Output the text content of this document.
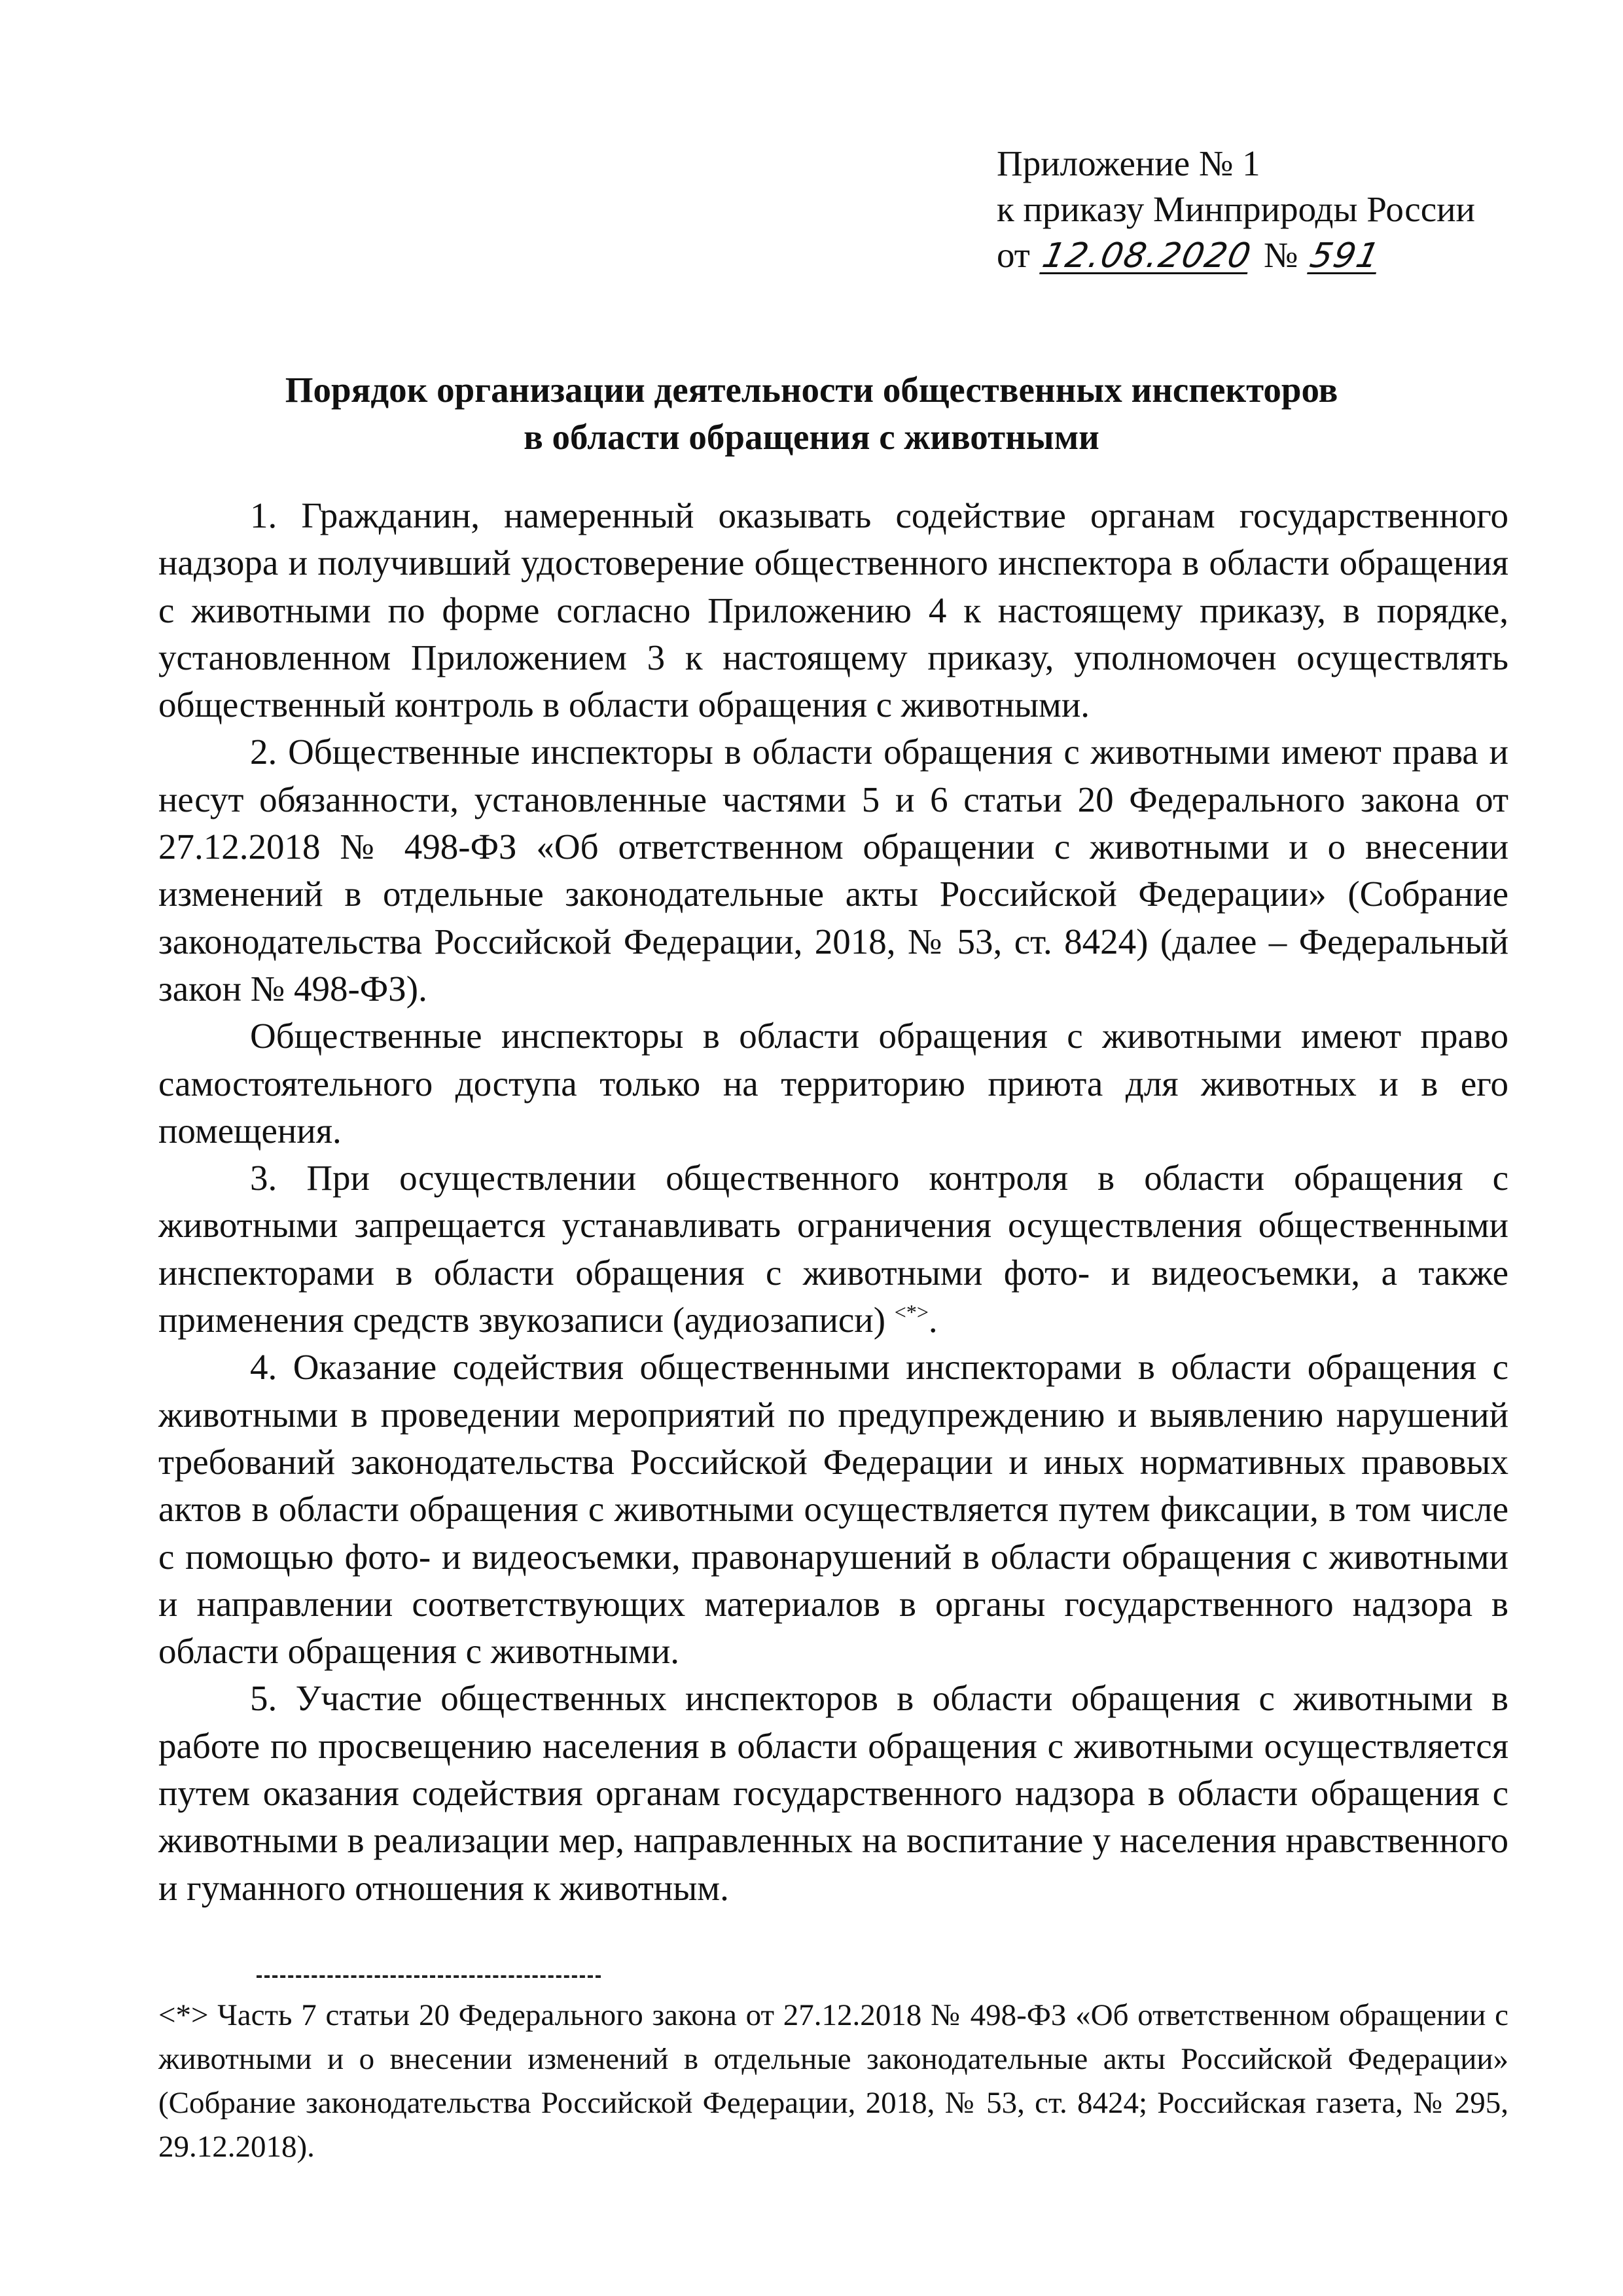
Приложение № 1
к приказу Минприроды России
от 12.08.2020 № 591
Порядок организации деятельности общественных инспекторов
в области обращения с животными

1. Гражданин, намеренный оказывать содействие органам государственного надзора и получивший удостоверение общественного инспектора в области обращения с животными по форме согласно Приложению 4 к настоящему приказу, в порядке, установленном Приложением 3 к настоящему приказу, уполномочен осуществлять общественный контроль в области обращения с животными.

2. Общественные инспекторы в области обращения с животными имеют права и несут обязанности, установленные частями 5 и 6 статьи 20 Федерального закона от 27.12.2018 № 498-ФЗ «Об ответственном обращении с животными и о внесении изменений в отдельные законодательные акты Российской Федерации» (Собрание законодательства Российской Федерации, 2018, № 53, ст. 8424) (далее – Федеральный закон № 498-ФЗ).

Общественные инспекторы в области обращения с животными имеют право самостоятельного доступа только на территорию приюта для животных и в его помещения.

3. При осуществлении общественного контроля в области обращения с животными запрещается устанавливать ограничения осуществления общественными инспекторами в области обращения с животными фото- и видеосъемки, а также применения средств звукозаписи (аудиозаписи) <*>.

4. Оказание содействия общественными инспекторами в области обращения с животными в проведении мероприятий по предупреждению и выявлению нарушений требований законодательства Российской Федерации и иных нормативных правовых актов в области обращения с животными осуществляется путем фиксации, в том числе с помощью фото- и видеосъемки, правонарушений в области обращения с животными и направлении соответствующих материалов в органы государственного надзора в области обращения с животными.

5. Участие общественных инспекторов в области обращения с животными в работе по просвещению населения в области обращения с животными осуществляется путем оказания содействия органам государственного надзора в области обращения с животными в реализации мер, направленных на воспитание у населения нравственного и гуманного отношения к животным.

<*> Часть 7 статьи 20 Федерального закона от 27.12.2018 № 498-ФЗ «Об ответственном обращении с животными и о внесении изменений в отдельные законодательные акты Российской Федерации» (Собрание законодательства Российской Федерации, 2018, № 53, ст. 8424; Российская газета, № 295, 29.12.2018).
